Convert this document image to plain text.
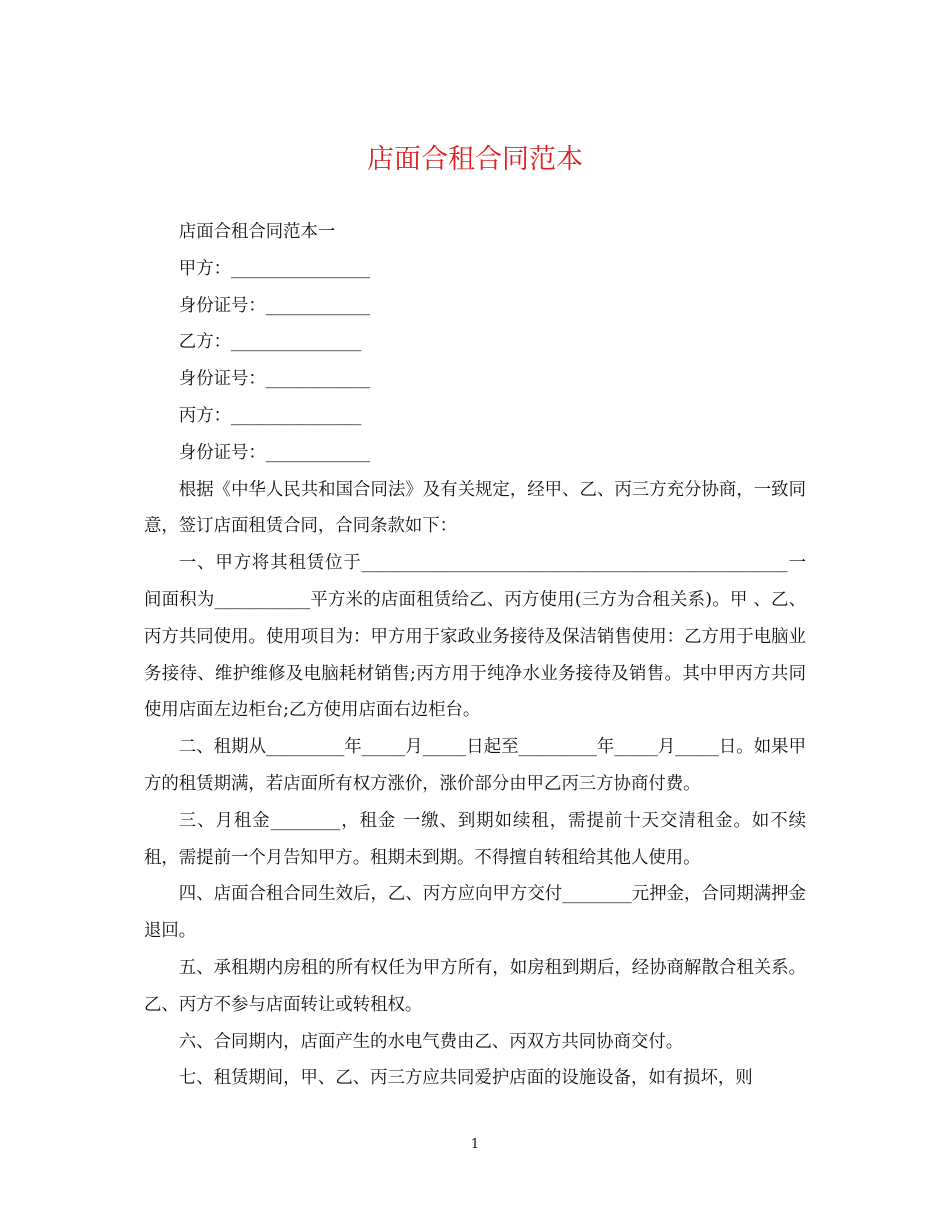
店面合租合同范本

店面合租合同范本一

甲方：________________

身份证号：____________

乙方：_______________

身份证号：____________

丙方：_______________

身份证号：____________

根据《中华人民共和国合同法》及有关规定，经甲、乙、丙三方充分协商，一致同意，签订店面租赁合同，合同条款如下：

一、甲方将其租赁位于_________________________________________________一间面积为___________平方米的店面租赁给乙、丙方使用(三方为合租关系)。甲 、乙、丙方共同使用。使用项目为：甲方用于家政业务接待及保洁销售使用：乙方用于电脑业务接待、维护维修及电脑耗材销售;丙方用于纯净水业务接待及销售。其中甲丙方共同使用店面左边柜台;乙方使用店面右边柜台。

二、租期从_________年_____月_____日起至_________年_____月_____日。如果甲方的租赁期满，若店面所有权方涨价，涨价部分由甲乙丙三方协商付费。

三、月租金________，租金 一缴、到期如续租，需提前十天交清租金。如不续租，需提前一个月告知甲方。租期未到期。不得擅自转租给其他人使用。

四、店面合租合同生效后，乙、丙方应向甲方交付________元押金，合同期满押金退回。

五、承租期内房租的所有权任为甲方所有，如房租到期后，经协商解散合租关系。乙、丙方不参与店面转让或转租权。

六、合同期内，店面产生的水电气费由乙、丙双方共同协商交付。

七、租赁期间，甲、乙、丙三方应共同爱护店面的设施设备，如有损坏，则

1
